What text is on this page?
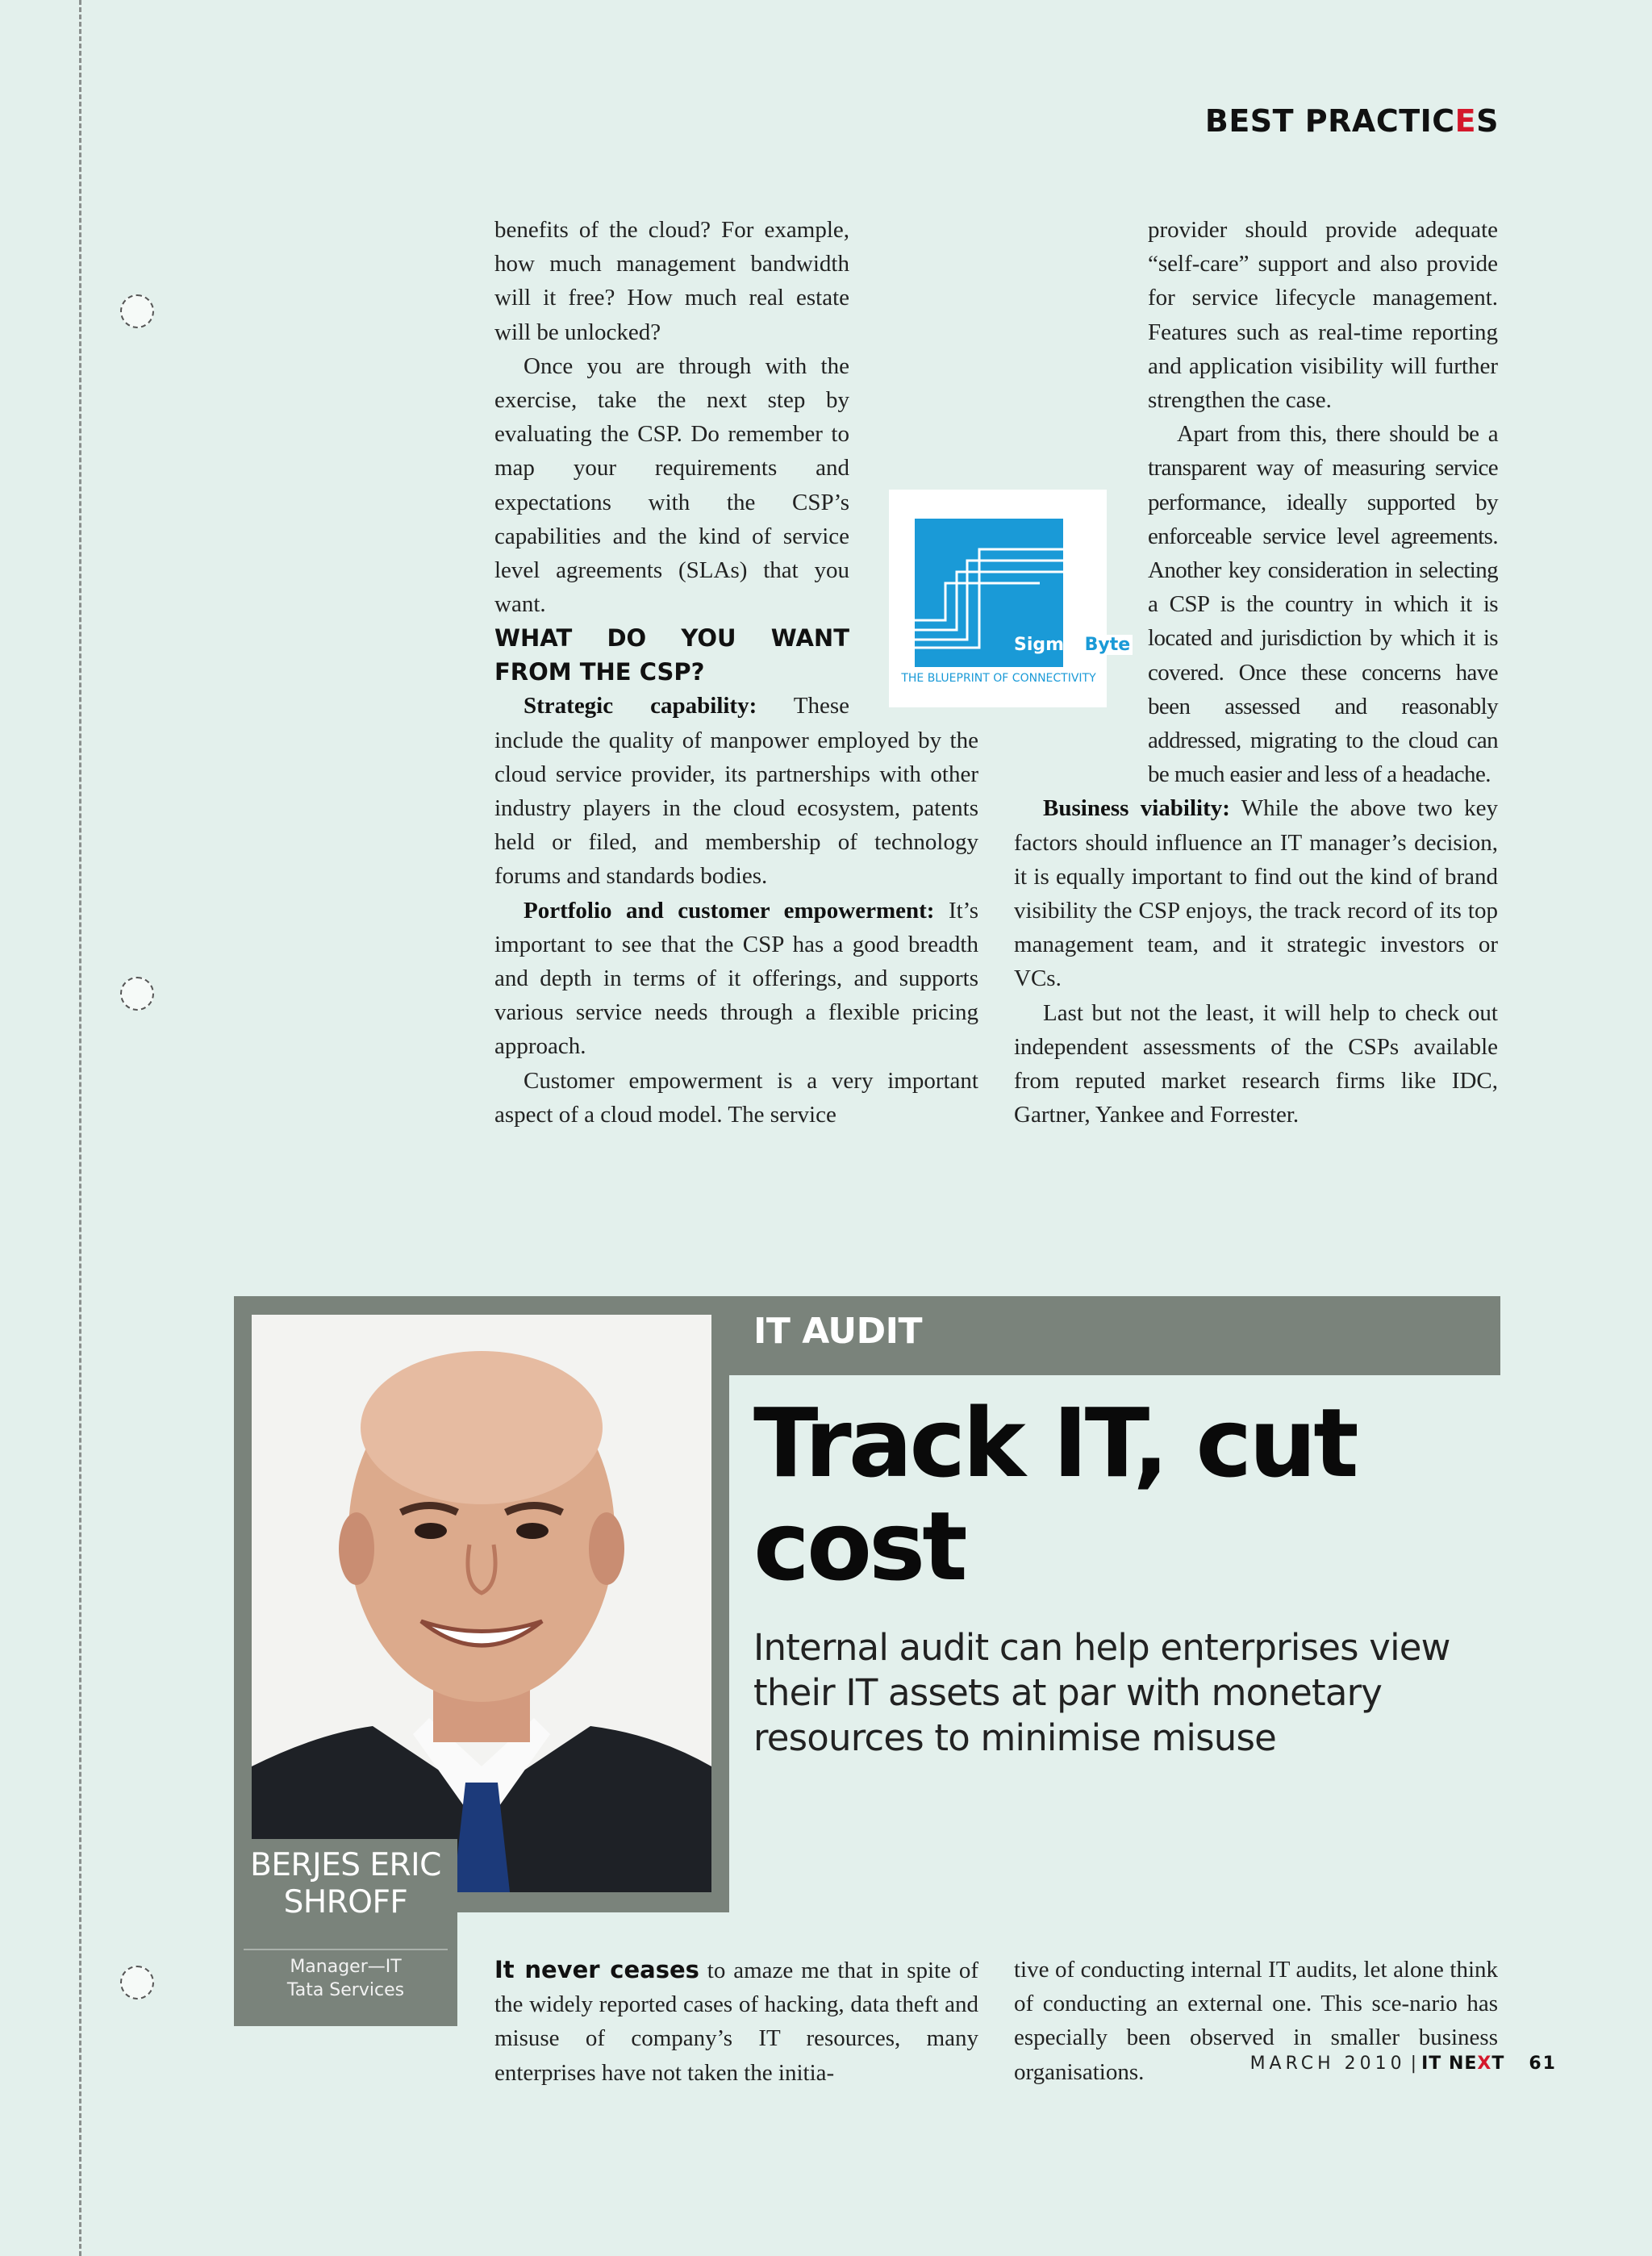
BEST PRACTICES

benefits of the cloud? For example, how much management bandwidth will it free? How much real estate will be unlocked?

Once you are through with the exercise, take the next step by evaluating the CSP. Do remember to map your requirements and expectations with the CSP’s capabilities and the kind of service level agreements (SLAs) that you want.

WHAT DO YOU WANT FROM THE CSP?

Strategic capability: These include the quality of manpower employed by the cloud service provider, its partnerships with other industry players in the cloud ecosystem, patents held or filed, and membership of technology forums and standards bodies.

Portfolio and customer empowerment: It’s important to see that the CSP has a good breadth and depth in terms of it offerings, and supports various service needs through a flexible pricing approach.

Customer empowerment is a very important aspect of a cloud model. The service

provider should provide adequate “self-care” support and also provide for service lifecycle management. Features such as real-time reporting and application visibility will further strengthen the case.

Apart from this, there should be a transparent way of measuring service performance, ideally supported by enforceable service level agreements. Another key consideration in selecting a CSP is the country in which it is located and jurisdiction by which it is covered. Once these concerns have been assessed and reasonably addressed, migrating to the cloud can be much easier and less of a headache.

Business viability: While the above two key factors should influence an IT manager’s decision, it is equally important to find out the kind of brand visibility the CSP enjoys, the track record of its top management team, and it strategic investors or VCs.

Last but not the least, it will help to check out independent assessments of the CSPs available from reputed market research firms like IDC, Gartner, Yankee and Forrester.

Sigma Byte
THE BLUEPRINT OF CONNECTIVITY
IT AUDIT
Track IT, cut cost
Internal audit can help enterprises view their IT assets at par with monetary resources to minimise misuse
BERJES ERIC SHROFF
Manager—IT
Tata Services

It never ceases to amaze me that in spite of the widely reported cases of hacking, data theft and misuse of company’s IT resources, many enterprises have not taken the initia-

tive of conducting internal IT audits, let alone think of conducting an external one. This sce-nario has especially been observed in smaller business organisations.	MARCH 2010 | IT NEXT 61
